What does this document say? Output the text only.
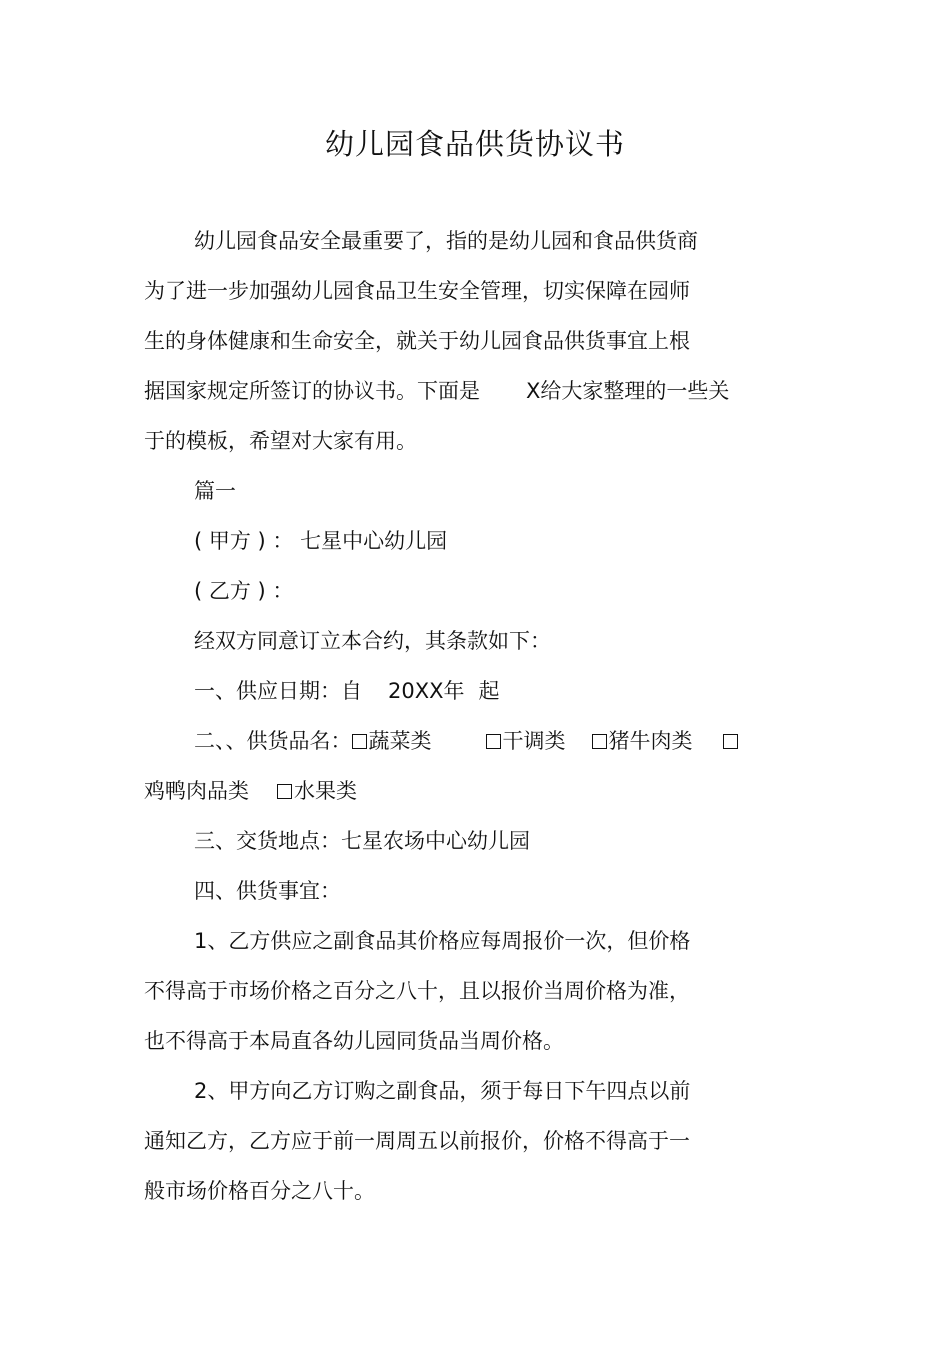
幼儿园食品供货协议书
幼儿园食品安全最重要了，指的是幼儿园和食品供货商
为了进一步加强幼儿园食品卫生安全管理，切实保障在园师
生的身体健康和生命安全，就关于幼儿园食品供货事宜上根
据国家规定所签订的协议书。下面是 X给大家整理的一些关
于的模板，希望对大家有用。
篇一
( 甲方 ) ： 七星中心幼儿园
( 乙方 ) ：
经双方同意订立本合约，其条款如下：
一、供应日期：自 20XX年 起
二、、供货品名： 蔬菜类	干调类 猪牛肉类
鸡鸭肉品类 水果类
三、交货地点：七星农场中心幼儿园
四、供货事宜：
1、乙方供应之副食品其价格应每周报价一次，但价格
不得高于市场价格之百分之八十，且以报价当周价格为准，
也不得高于本局直各幼儿园同货品当周价格。
2、甲方向乙方订购之副食品，须于每日下午四点以前
通知乙方，乙方应于前一周周五以前报价，价格不得高于一
般市场价格百分之八十。
